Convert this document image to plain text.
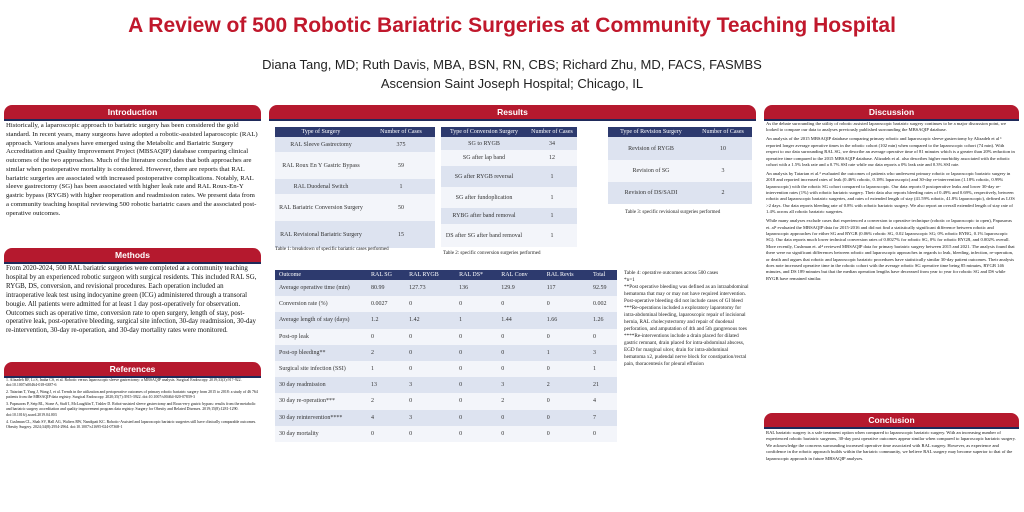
A Review of 500 Robotic Bariatric Surgeries at Community Teaching Hospital
Diana Tang, MD; Ruth Davis, MBA, BSN, RN, CBS; Richard Zhu, MD, FACS, FASMBS
Ascension Saint Joseph Hospital; Chicago, IL
Introduction
Historically, a laparoscopic approach to bariatric surgery has been considered the gold standard. In recent years, many surgeons have adopted a robotic-assisted laparoscopic (RAL) approach. Various analyses have emerged using the Metabolic and Bariatric Surgery Accreditation and Quality Improvement Project (MBSAQIP) database comparing clinical outcomes of the two approaches. Much of the literature concludes that both approaches are similar when postoperative mortality is considered. However, there are reports that RAL bariatric surgeries are associated with increased postoperative complications. Notably, RAL sleeve gastrectomy (SG) has been associated with higher leak rate and RAL Roux-En-Y gastric bypass (RYGB) with higher reoperation and readmission rates. We present data from a community teaching hospital reviewing 500 robotic bariatric cases and the associated post-operative outcomes.
Methods
From 2020-2024, 500 RAL bariatric surgeries were completed at a community teaching hospital by an experienced robotic surgeon with surgical residents. This included RAL SG, RYGB, DS, conversion, and revisional procedures. Each operation included an intraoperative leak test using indocyanine green (ICG) administered through a transoral bougie. All patients were admitted for at least 1 day post-operatively for observation. Outcomes such as operative time, conversion rate to open surgery, length of stay, post-operative leak, post-operative bleeding, surgical site infection, 30-day readmission, 30-day re-intervention, 30-day re-operation, and 30-day mortality rates were monitored.
References

1. Alizadeh RF, Li S, Inaba CS, et al. Robotic versus laparoscopic sleeve gastrectomy: a MBSAQIP analysis. Surgical Endoscopy. 2019;33(3):917-922. doi:10.1007/s00464-018-6387-6

2. Tatarian T, Yang J, Wang J, et al. Trends in the utilization and perioperative outcomes of primary robotic bariatric surgery from 2015 to 2018: a study of 46 764 patients from the MBSAQIP data registry. Surgical Endoscopy. 2020;35(7):3915-3922. doi:10.1007/s00464-020-07839-3

3. Papasavas P, Seip RL, Stone A, Staff I, McLaughlin T, Tishler D. Robot-assisted sleeve gastrectomy and Roux-en-y gastric bypass: results from the metabolic and bariatric surgery accreditation and quality improvement program data registry. Surgery for Obesity and Related Diseases. 2019;15(8):1281-1290. doi:10.1016/j.soard.2019.04.003

4. Cushman CL, Shah SV, Hall AG, Walters RW, Nandipati KC. Robotic-Assisted and laparoscopic bariatric surgeries still have clinically comparable outcomes. Obesity Surgery. 2024;34(8):2954-2964. doi:10.1007/s11695-024-07368-1

Results
Type of Surgery	Number of Cases
RAL Sleeve Gastrectomy	375
RAL Roux En Y Gastric Bypass	59
RAL Duodenal Switch	1
RAL Bariatric Conversion Surgery	50
RAL Revisional Bariatric Surgery	15
Table 1: breakdown of specific bariatric cases performed
Type of Conversion Surgery	Number of Cases
SG to RYGB	34
SG after lap band	12
SG after RYGB reversal	1
SG after fundoplication	1
RYBG after band removal	1
DS after SG after band removal	1
Table 2: specific conversion surgeries performed
Type of Revision Surgery	Number of Cases
Revision of RYGB	10
Revision of SG	3
Revision of DS/SADI	2
Table 3: specific revisional surgeries performed
Outcome	RAL SG	RAL RYGB	RAL DS*	RAL Conv	RAL Revis	Total
Average operative time (min)	80.99	127.73	136	129.9	117	92.59
Conversion rate (%)	0.0027	0	0	0	0	0.002
Average length of stay (days)	1.2	1.42	1	1.44	1.66	1.26
Post-op leak	0	0	0	0	0	0
Post-op bleeding**	2	0	0	0	1	3
Surgical site infection (SSI)	1	0	0	0	0	1
30 day readmission	13	3	0	3	2	21
30 day re-operation***	2	0	0	2	0	4
30 day reintervention****	4	3	0	0	0	7
30 day mortality	0	0	0	0	0	0
Table 4: operative outcomes across 500 cases
*n=1
**Post operative bleeding was defined as an intraabdominal hematoma that may or may not have required intervention. Post-operative bleeding did not include cases of GI bleed
***Re-operations included a exploratory laparotomy for intra-abdominal bleeding, laparoscopic repair of incisional hernia, RAL cholecystectomy and repair of duodenal perforation, and amputation of 4th and 5th gangrenous toes
****Re-interventions include a drain placed for dilated gastric remnant, drain placed for intra-abdominal abscess, EGD for marginal ulcer, drain for intra-abdominal hematoma x2, pudendal nerve block for constipation/rectal pain, thoracentesis for pleural effusion
Discussion

As the debate surrounding the utility of robotic assisted laparoscopic bariatric surgery continues to be a major discussion point, we looked to compare our data to analyses previously published surrounding the MBSAQIP database.

An analysis of the 2015 MBSAQIP database comparing primary robotic and laparoscopic sleeve gastrectomy by Alizadeh et al ¹ reported longer average operative times in the robotic cohort (102 min) when compared to the laparoscopic cohort (74 min). With respect to our data surrounding RAL SG, we describe an average operative time of 81 minutes which is a greater than 20% reduction in operative time compared to the 2015 MBSAQIP database. Alizadeh et al. also describes higher morbidity associated with the robotic cohort with a 1.5% leak rate and a 0.7% SSI rate while our data reports a 0% leak rate and 0.3% SSI rate.

An analysis by Tatarian et al.² evaluated the outcomes of patients who underwent primary robotic or laparoscopic bariatric surgery in 2018 and reported increased rates of leak (0.46% robotic, 0.18% laparoscopic) and 30-day re-intervention (1.18% robotic, 0.99% laparoscopic) with the robotic SG cohort compared to laparoscopic. Our data reports 0 postoperative leaks and lower 30-day re-intervention rates (1%) with robotic bariatric surgery. Their data also reports bleeding rates of 0.49% and 0.69%, respectively, between robotic and laparoscopic bariatric surgeries, and rates of extended length of stay (41.59% robotic, 41.8% laparoscopic), defined as LOS >2 days. Our data reports bleeding rate of 0.8% with robotic bariatric surgery. We also report an overall extended length of stay rate of 1.4% across all robotic bariatric surgeries.

While many analyses exclude cases that experienced a conversion to operative technique (robotic or laparoscopic to open), Papasavas et. al³ evaluated the MBSAQIP data for 2015-2016 and did not find a statistically significant difference between robotic and laparoscopic approaches for either SG and RYGB (0.06% robotic SG, 0.02 laparoscopic SG; 0% robotic RYBG, 0.1% laparoscopic SG). Our data reports much lower technical conversion rates of 0.0027% for robotic SG, 0% for robotic RYGB, and 0.002% overall. More recently, Cushman et. al⁴ reviewed MBSAQIP data for primary bariatric surgery between 2015 and 2021. The analysis found that there were no significant differences between robotic and laparoscopic approaches in regards to leak, bleeding, infection, re-operation, or death and argues that robotic and laparoscopic bariatric procedures have statistically similar 30-day patient outcomes. Their analysis does note increased operative time in the robotic cohort with the average robotic SG operative time being 85 minutes, RYGB 146 minutes, and DS 189 minutes but that the median operation lengths have decreased from year to year for robotic SG and DS while RYGB have remained similar.

Conclusion
RAL bariatric surgery is a safe treatment option when compared to laparoscopic bariatric surgery. With an increasing number of experienced robotic bariatric surgeons, 30-day post operative outcomes appear similar when compared to laparoscopic bariatric surgery. We acknowledge the concerns surrounding increased operative time associated with RAL surgery. However, as experience and confidence in the robotic approach builds within the bariatric community, we believe RAL surgery may become superior to that of the laparoscopic approach in future MBSAQIP analyses.
